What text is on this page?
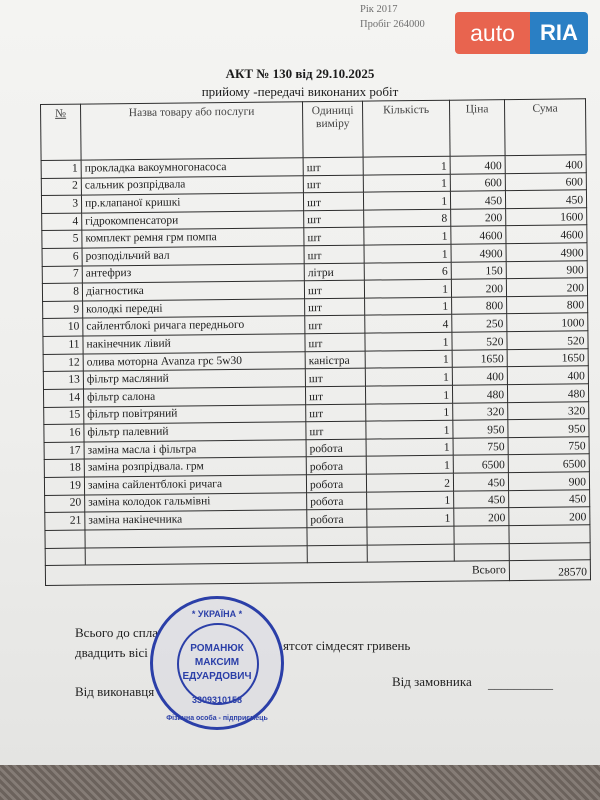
Рік 2017
Пробіг 264000	auto	RIA
АКТ № 130 від 29.10.2025
прийому -передачі виконаних робіт
№	Назва товару або послуги	Одиниці виміру	Кількість	Ціна	Сума
1	прокладка вакоумногонасоса	шт	1	400	400
2	сальник розпрідвала	шт	1	600	600
3	пр.клапаної кришкі	шт	1	450	450
4	гідрокомпенсатори	шт	8	200	1600
5	комплект ремня грм помпа	шт	1	4600	4600
6	розподільчий вал	шт	1	4900	4900
7	антефриз	літри	6	150	900
8	діагностика	шт	1	200	200
9	колодкі передні	шт	1	800	800
10	сайлентблокі ричага переднього	шт	4	250	1000
11	накінечник лівий	шт	1	520	520
12	олива моторна Avanza грс 5w30	каністра	1	1650	1650
13	фільтр масляний	шт	1	400	400
14	фільтр салона	шт	1	480	480
15	фільтр повітряний	шт	1	320	320
16	фільтр палевний	шт	1	950	950
17	заміна масла і фільтра	робота	1	750	750
18	заміна розпрідвала. грм	робота	1	6500	6500
19	заміна сайлентблокі ричага	робота	2	450	900
20	заміна колодок гальмівні	робота	1	450	450
21	заміна накінечника	робота	1	200	200

Всього					28570
Всього до спла
двадцить вісі	ятсот сімдесят гривень
Від виконавця
Від замовника __________
* УКРАЇНА *
РОМАНЮК
МАКСИМ
ЕДУАРДОВИЧ
3309310158
Фізична особа - підприємець
